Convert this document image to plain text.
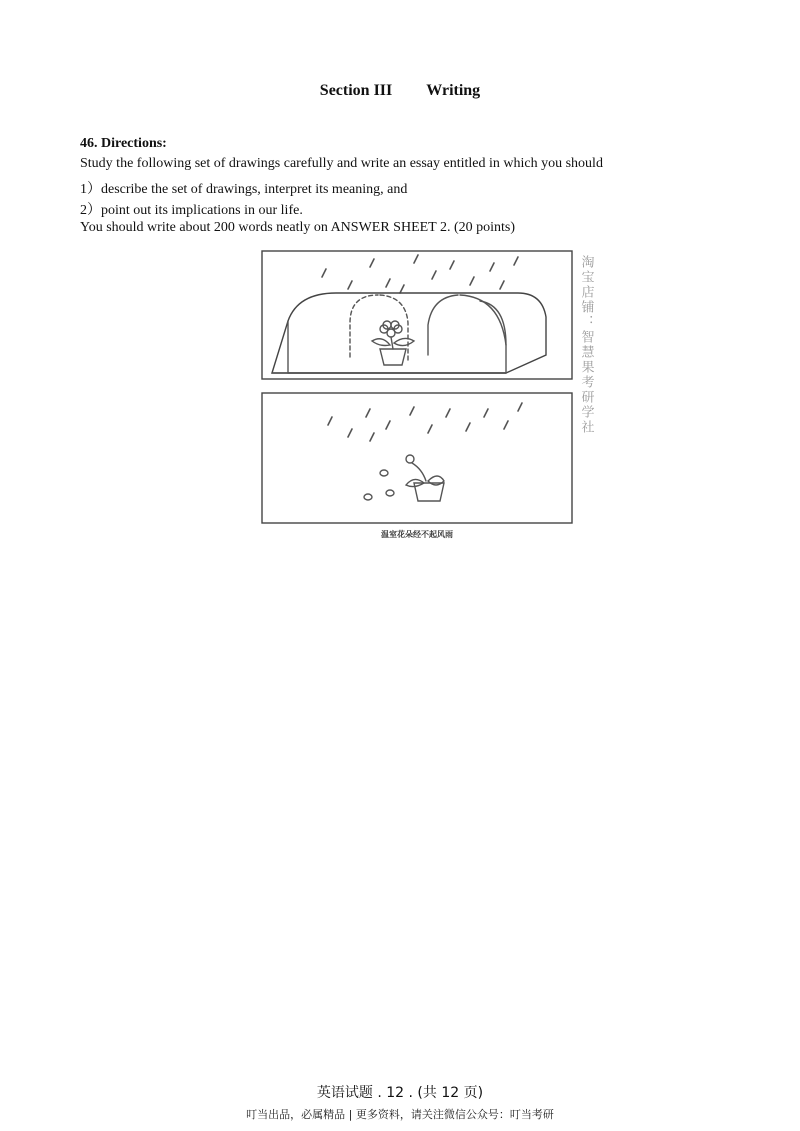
Section III Writing
46. Directions:
Study the following set of drawings carefully and write an essay entitled in which you should
1）describe the set of drawings, interpret its meaning, and
2）point out its implications in our life.
You should write about 200 words neatly on ANSWER SHEET 2. (20 points)
淘宝店铺：智慧果考研学社
温室花朵经不起风雨
英语试题 . 12 . (共 12 页)
叮当出品，必属精品 | 更多资料，请关注微信公众号：叮当考研
